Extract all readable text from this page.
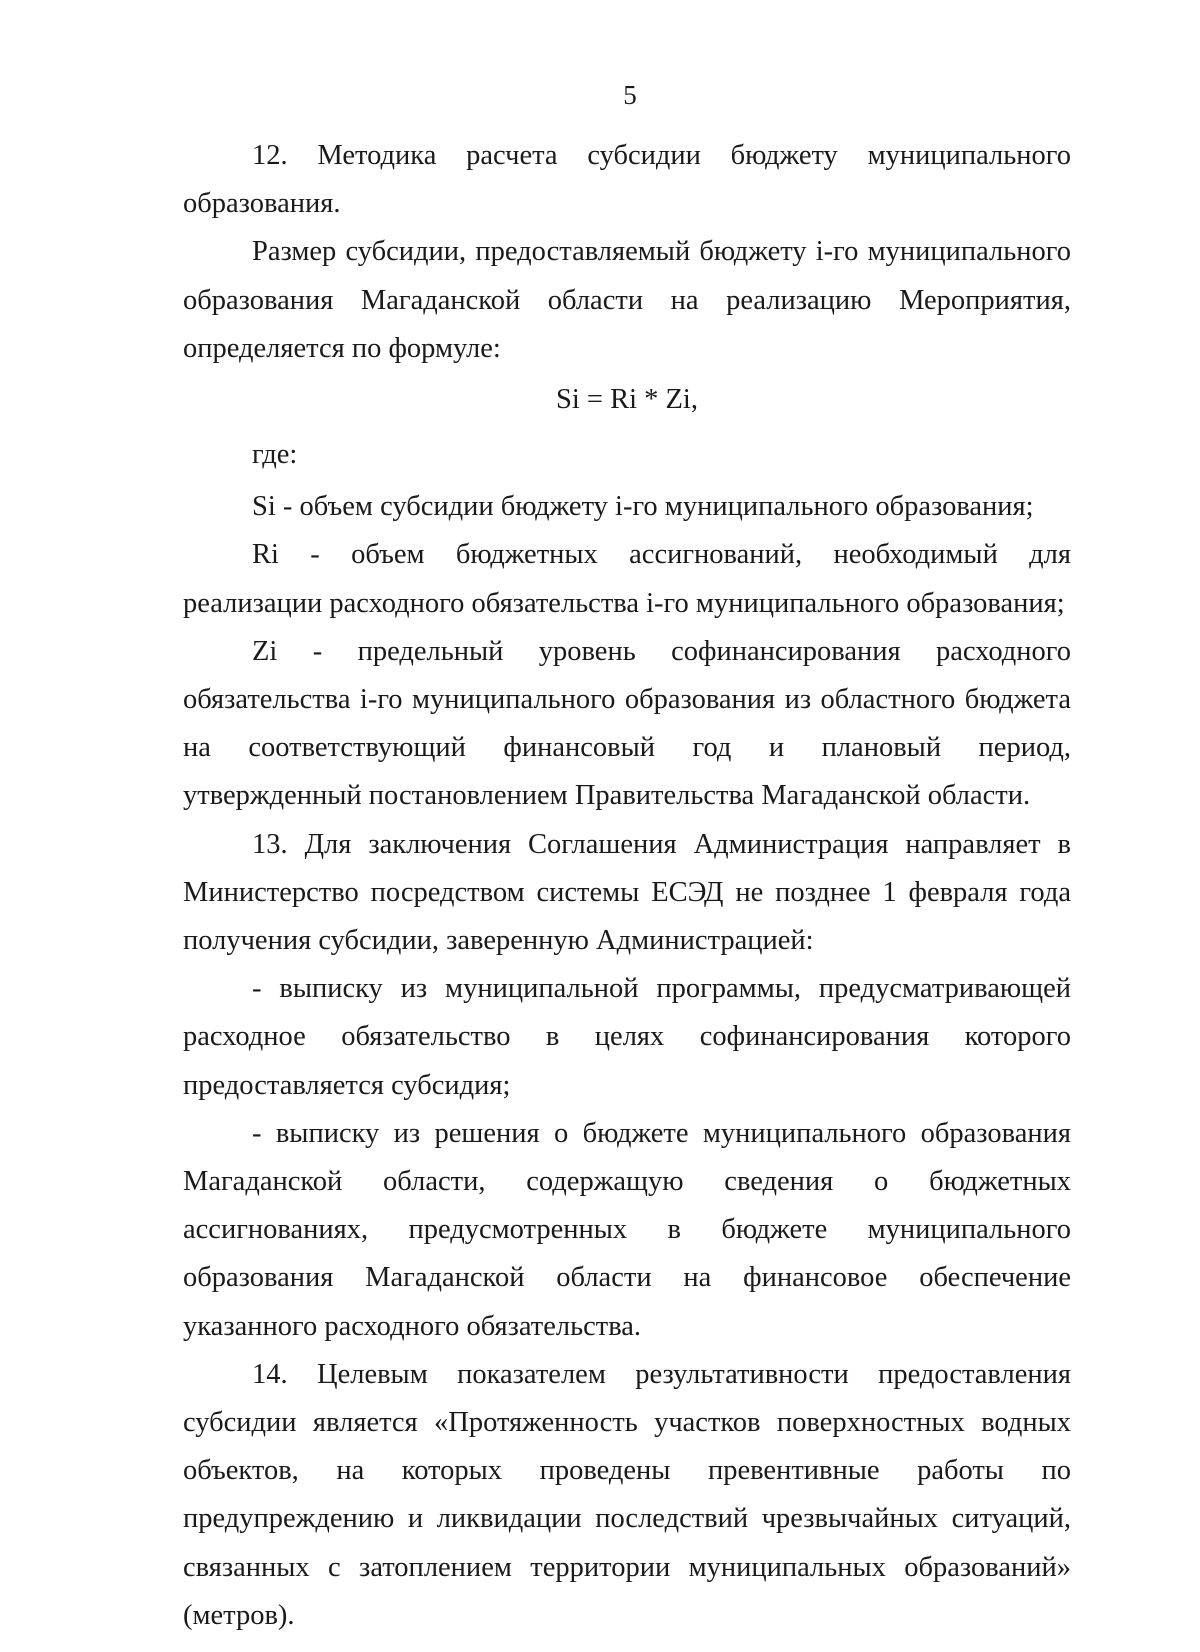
5

12. Методика расчета субсидии бюджету муниципального образования.

Размер субсидии, предоставляемый бюджету i-го муниципального образования Магаданской области на реализацию Мероприятия, определяется по формуле:

Si = Ri * Zi,

где:

Si - объем субсидии бюджету i-го муниципального образования;

Ri - объем бюджетных ассигнований, необходимый для реализации расходного обязательства i-го муниципального образования;

Zi - предельный уровень софинансирования расходного обязательства i-го муниципального образования из областного бюджета на соответствующий финансовый год и плановый период, утвержденный постановлением Правительства Магаданской области.

13. Для заключения Соглашения Администрация направляет в Министерство посредством системы ЕСЭД не позднее 1 февраля года получения субсидии, заверенную Администрацией:

- выписку из муниципальной программы, предусматривающей расходное обязательство в целях софинансирования которого предоставляется субсидия;

- выписку из решения о бюджете муниципального образования Магаданской области, содержащую сведения о бюджетных ассигнованиях, предусмотренных в бюджете муниципального образования Магаданской области на финансовое обеспечение указанного расходного обязательства.

14. Целевым показателем результативности предоставления субсидии является «Протяженность участков поверхностных водных объектов, на которых проведены превентивные работы по предупреждению и ликвидации последствий чрезвычайных ситуаций, связанных с затоплением территории муниципальных образований» (метров).
